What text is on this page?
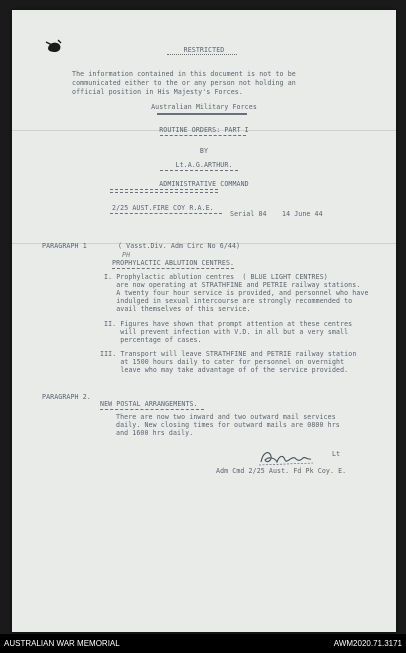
RESTRICTED
The information contained in this document is not to be
communicated either to the or any person not holding an
official position in His Majesty's Forces.
Australian Military Forces
ROUTINE ORDERS: PART I
BY
Lt.A.G.ARTHUR.
ADMINISTRATIVE COMMAND
2/25 AUST.FIRE COY R.A.E.
Serial 84 14 June 44
PARAGRAPH 1	( Vasst.Div. Adm Circ No 6/44)
PH
PROPHYLACTIC ABLUTION CENTRES.
I. Prophylactic ablution centres  ( BLUE LIGHT CENTRES)
are now operating at STRATHFINE and PETRIE railway stations.
A twenty four hour service is provided, and personnel who have
indulged in sexual intercourse are strongly recommended to
avail themselves of this service.
II. Figures have shown that prompt attention at these centres
will prevent infection with V.D. in all but a very small
percentage of cases.
III. Transport will leave STRATHFINE and PETRIE railway station
at 1500 hours daily to cater for personnel on overnight
leave who may take advantage of of the service provided.
PARAGRAPH 2.
NEW POSTAL ARRANGEMENTS.
There are now two inward and two outward mail services
daily. New closing times for outward mails are 0800 hrs
and 1600 hrs daily.
Lt
Adm Cmd 2/25 Aust. Fd Pk Coy. E.
AUSTRALIAN WAR MEMORIAL	AWM2020.71.3171
